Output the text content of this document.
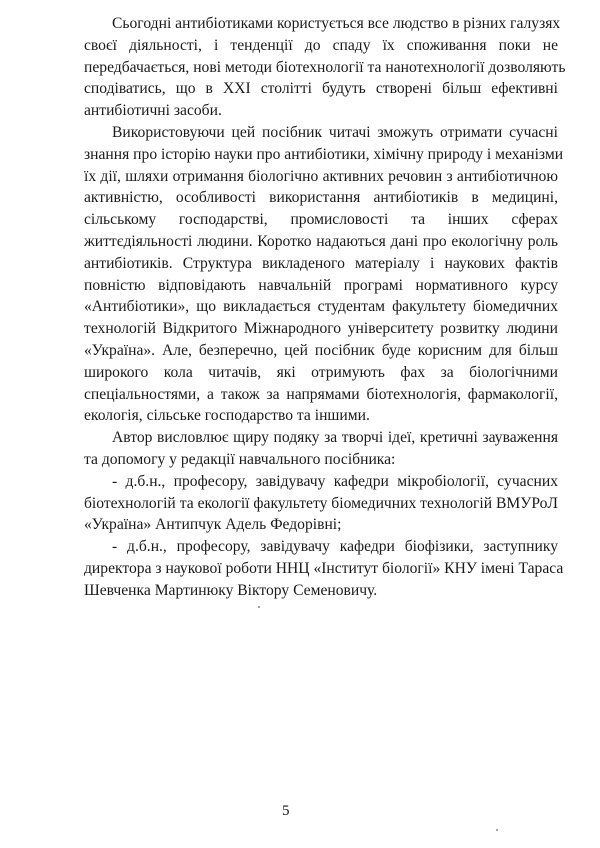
Сьогодні антибіотиками користується все людство в різних галузях
своєї діяльності, і тенденції до спаду їх споживання поки не
передбачається, нові методи біотехнології та нанотехнології дозволяють
сподіватись, що в XXI столітті будуть створені більш ефективні
антибіотичні засоби.
Використовуючи цей посібник читачі зможуть отримати сучасні
знання про історію науки про антибіотики, хімічну природу і механізми
їх дії, шляхи отримання біологічно активних речовин з антибіотичною
активністю, особливості використання антибіотиків в медицині,
сільському господарстві, промисловості та інших сферах
життєдіяльності людини. Коротко надаються дані про екологічну роль
антибіотиків. Структура викладеного матеріалу і наукових фактів
повністю відповідають навчальній програмі нормативного курсу
«Антибіотики», що викладається студентам факультету біомедичних
технологій Відкритого Міжнародного університету розвитку людини
«Україна». Але, безперечно, цей посібник буде корисним для більш
широкого кола читачів, які отримують фах за біологічними
спеціальностями, а також за напрямами біотехнологія, фармакології,
екологія, сільське господарство та іншими.
Автор висловлює щиру подяку за творчі ідеї, кретичні зауваження
та допомогу у редакції навчального посібника:
- д.б.н., професору, завідувачу кафедри мікробіології, сучасних
біотехнологій та екології факультету біомедичних технологій ВМУРоЛ
«Україна» Антипчук Адель Федорівні;
- д.б.н., професору, завідувачу кафедри біофізики, заступнику
директора з наукової роботи ННЦ «Інститут біології» КНУ імені Тараса
Шевченка Мартинюку Віктору Семеновичу.
5
